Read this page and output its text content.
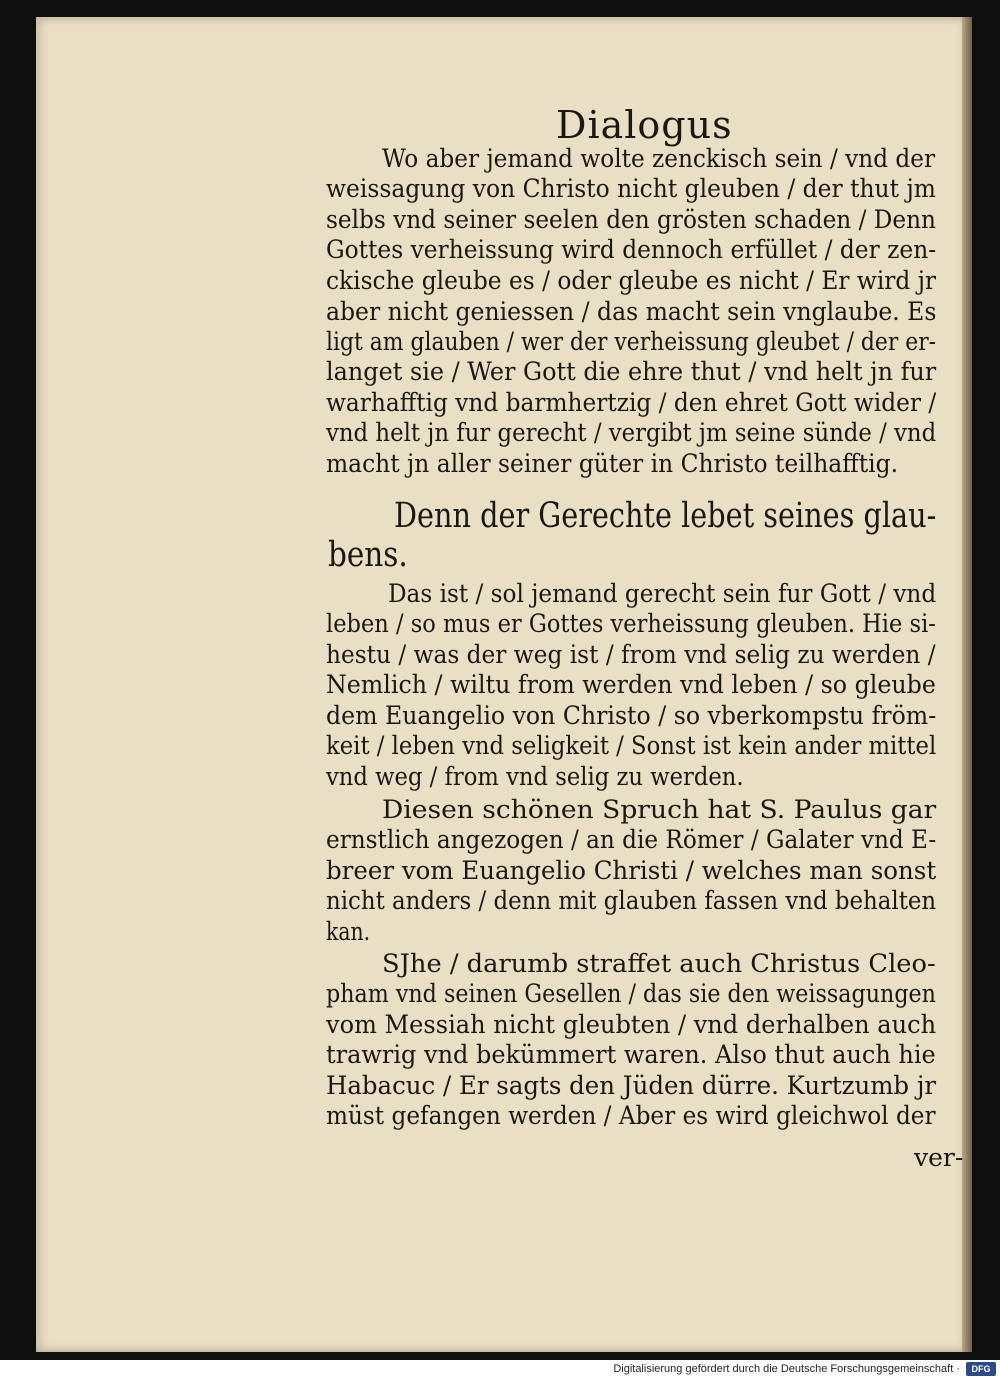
Dialogus
Wo aber jemand wolte zenckisch sein / vnd der
weissagung von Christo nicht gleuben / der thut jm
selbs vnd seiner seelen den grösten schaden / Denn
Gottes verheissung wird dennoch erfüllet / der zen-
ckische gleube es / oder gleube es nicht / Er wird jr
aber nicht geniessen / das macht sein vnglaube. Es
ligt am glauben / wer der verheissung gleubet / der er-
langet sie / Wer Gott die ehre thut / vnd helt jn fur
warhafftig vnd barmhertzig / den ehret Gott wider /
vnd helt jn fur gerecht / vergibt jm seine sünde / vnd
macht jn aller seiner güter in Christo teilhafftig.
Denn der Gerechte lebet seines glau-
bens.
Das ist / sol jemand gerecht sein fur Gott / vnd
leben / so mus er Gottes verheissung gleuben. Hie si-
hestu / was der weg ist / from vnd selig zu werden /
Nemlich / wiltu from werden vnd leben / so gleube
dem Euangelio von Christo / so vberkompstu fröm-
keit / leben vnd seligkeit / Sonst ist kein ander mittel
vnd weg / from vnd selig zu werden.
Diesen schönen Spruch hat S. Paulus gar
ernstlich angezogen / an die Römer / Galater vnd E-
breer vom Euangelio Christi / welches man sonst
nicht anders / denn mit glauben fassen vnd behalten
kan.
SJhe / darumb straffet auch Christus Cleo-
pham vnd seinen Gesellen / das sie den weissagungen
vom Messiah nicht gleubten / vnd derhalben auch
trawrig vnd bekümmert waren. Also thut auch hie
Habacuc / Er sagts den Jüden dürre. Kurtzumb jr
müst gefangen werden / Aber es wird gleichwol der
ver-
Digitalisierung gefördert durch die Deutsche Forschungsgemeinschaft ·	DFG
